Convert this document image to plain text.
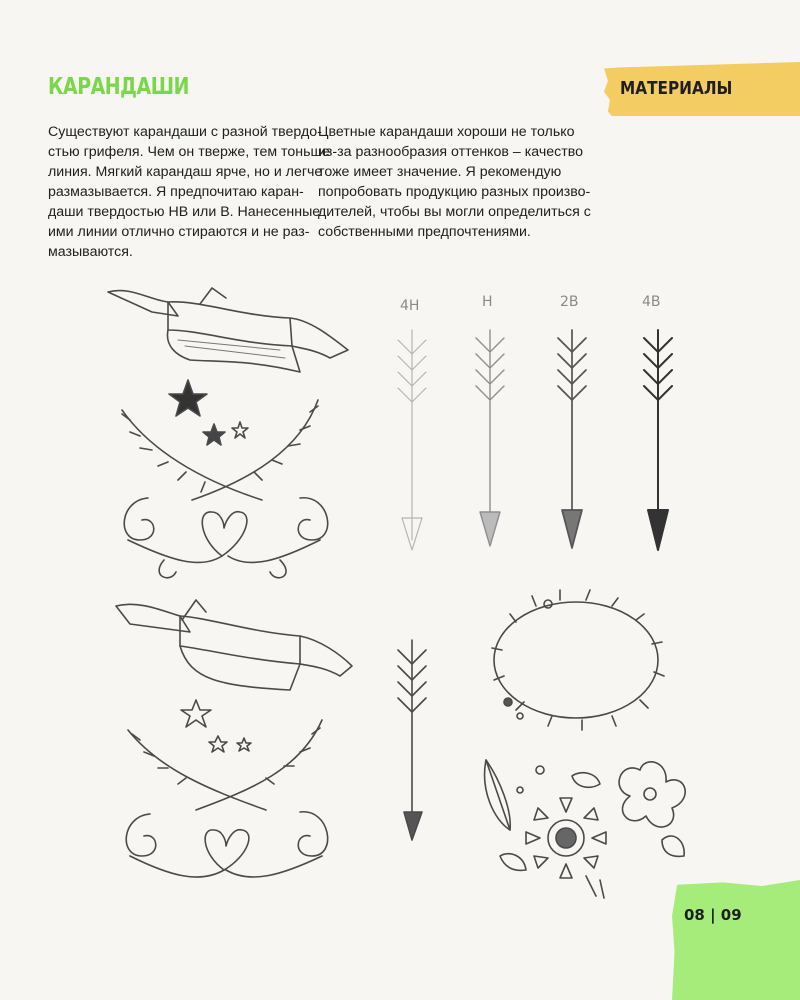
КАРАНДАШИ	МАТЕРИАЛЫ

Существуют карандаши с разной твердо-
стью грифеля. Чем он тверже, тем тоньше
линия. Мягкий карандаш ярче, но и легче
размазывается. Я предпочитаю каран-
даши твердостью НВ или В. Нанесенные
ими линии отлично стираются и не раз-
мазываются.

Цветные карандаши хороши не только
из-за разнообразия оттенков – качество
тоже имеет значение. Я рекомендую
попробовать продукцию разных произво-
дителей, чтобы вы могли определиться с
собственными предпочтениями.

4H	H	2B	4B

08 | 09
